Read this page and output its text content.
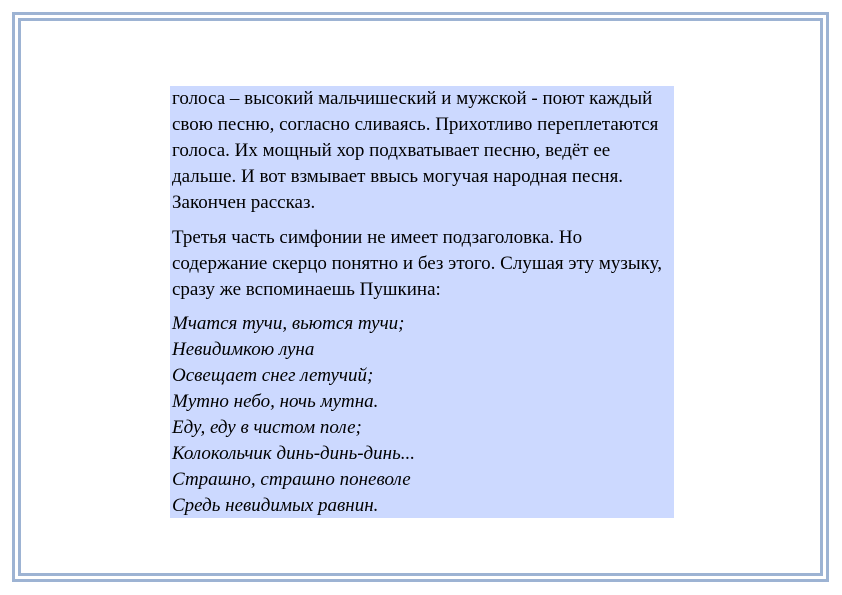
голоса – высокий мальчишеский и мужской - поют каждый свою песню, согласно сливаясь. Прихотливо переплетаются голоса. Их мощный хор подхватывает песню, ведёт ее дальше. И вот взмывает ввысь могучая народная песня. Закончен рассказ.

Третья часть симфонии не имеет подзаголовка. Но содержание скерцо понятно и без этого. Слушая эту музыку, сразу же вспоминаешь Пушкина:

Мчатся тучи, вьются тучи;
Невидимкою луна
Освещает снег летучий;
Мутно небо, ночь мутна.
Еду, еду в чистом поле;
Колокольчик динь-динь-динь...
Страшно, страшно поневоле
Средь невидимых равнин.
